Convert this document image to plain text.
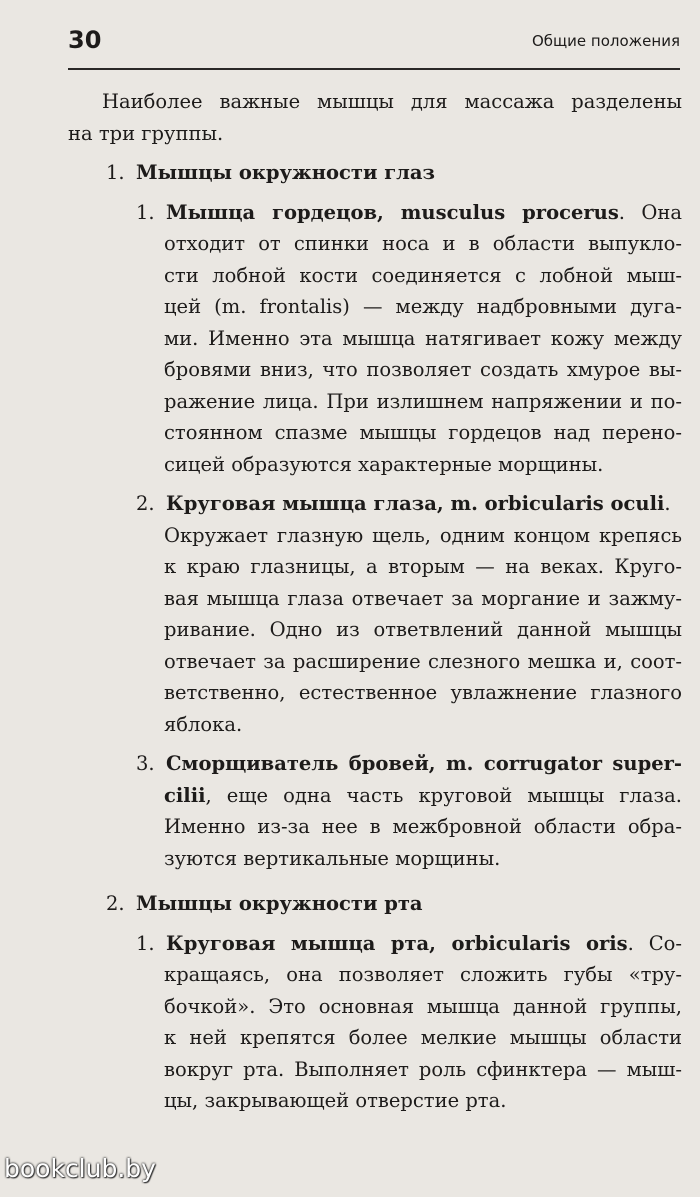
30	Общие положения
Наиболее важные мышцы для массажа разделены
на три группы.
1. Мышцы окружности глаз
1. Мышца гордецов, musculus procerus. Она
отходит от спинки носа и в области выпукло-
сти лобной кости соединяется с лобной мыш-
цей (m. frontalis) — между надбровными дуга-
ми. Именно эта мышца натягивает кожу между
бровями вниз, что позволяет создать хмурое вы-
ражение лица. При излишнем напряжении и по-
стоянном спазме мышцы гордецов над перено-
сицей образуются характерные морщины.
2. Круговая мышца глаза, m. orbicularis oculi.
Окружает глазную щель, одним концом крепясь
к краю глазницы, а вторым — на веках. Круго-
вая мышца глаза отвечает за моргание и зажму-
ривание. Одно из ответвлений данной мышцы
отвечает за расширение слезного мешка и, соот-
ветственно, естественное увлажнение глазного
яблока.
3. Сморщиватель бровей, m. corrugator super-
cilii, еще одна часть круговой мышцы глаза.
Именно из-за нее в межбровной области обра-
зуются вертикальные морщины.
2. Мышцы окружности рта
1. Круговая мышца рта, orbicularis oris. Со-
кращаясь, она позволяет сложить губы «тру-
бочкой». Это основная мышца данной группы,
к ней крепятся более мелкие мышцы области
вокруг рта. Выполняет роль сфинктера — мыш-
цы, закрывающей отверстие рта.
bookclub.by
